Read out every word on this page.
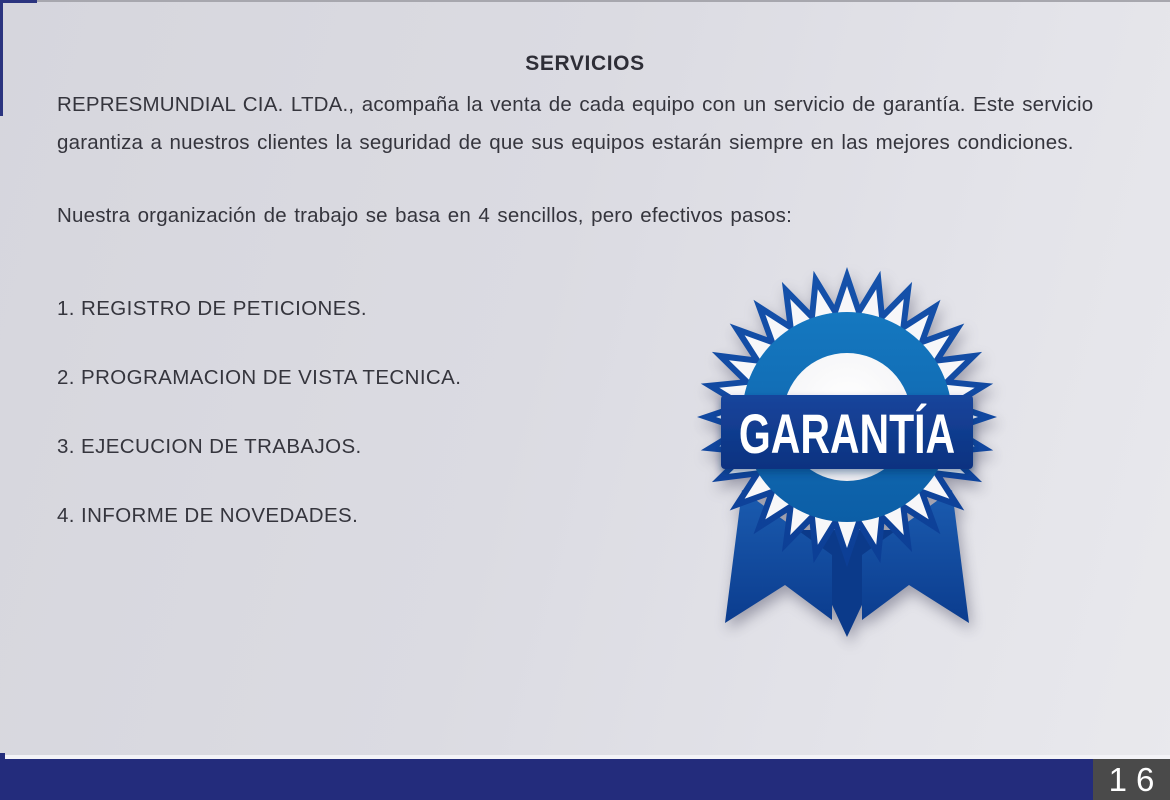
SERVICIOS

REPRESMUNDIAL CIA. LTDA., acompaña la venta de cada equipo con un servicio de garantía. Este servicio garantiza a nuestros clientes la seguridad de que sus equipos estarán siempre en las mejores condiciones.

Nuestra organización de trabajo se basa en 4 sencillos, pero efectivos pasos:

1. REGISTRO DE PETICIONES.
2. PROGRAMACION DE VISTA TECNICA.
3. EJECUCION DE TRABAJOS.
4. INFORME DE NOVEDADES.
GARANTÍA
16
